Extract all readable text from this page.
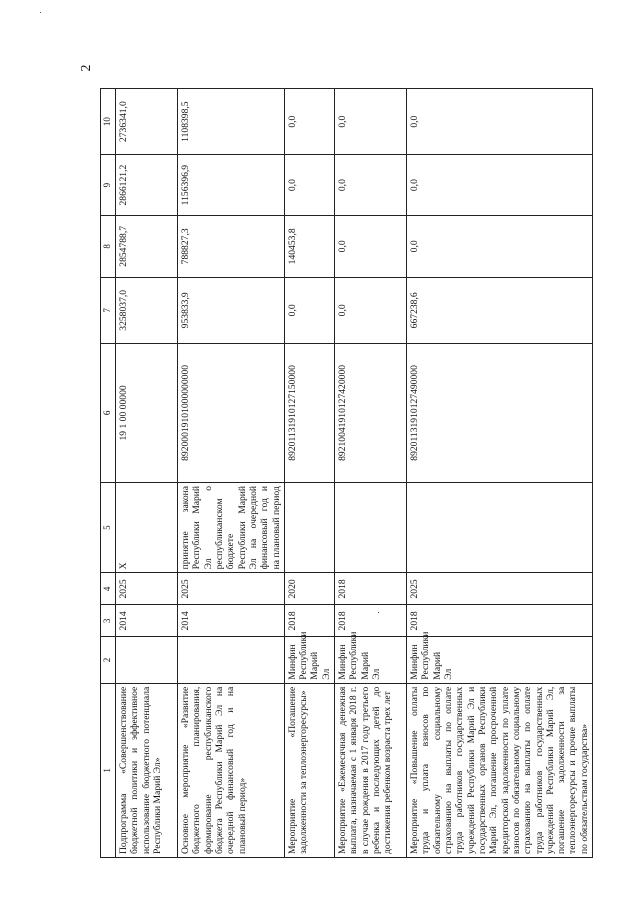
2
1	2	3	4	5	6	7	8	9	10
Подпрограмма «Совершенствование бюджетной политики и эффективное использование бюджетного потенциала Республики Марий Эл»		2014	2025	Х	19 1 00 00000	3258037,0	2854788,7	2866121,2	2736341,0
Основное мероприятие «Развитие бюджетного планирования, формирование республиканского бюджета Республики Марий Эл на очередной финансовый год и на плановый период»		2014	2025	принятие закона Республики Марий Эл о республиканском бюджете Республики Марий Эл на очередной финансовый год и на плановый период	89200019101000000000	953833,9	788827,3	1156396,9	1108398,5
Мероприятие «Погашение задолженности за теплоэнергоресурсы»	Минфин Республики Марий Эл	2018	2020		89201131910127150000	0,0	140453,8	0,0	0,0
Мероприятие «Ежемесячная денежная выплата, назначаемая с 1 января 2018 г. в случае рождения в 2017 году третьего ребенка и последующих детей до достижения ребенком возраста трех лет	Минфин Республики Марий Эл	2018	2018		89210041910127420000	0,0	0,0	0,0	0,0
Мероприятие «Повышение оплаты труда и уплата взносов по обязательному социальному страхованию на выплаты по оплате труда работников государственных учреждений Республики Марий Эл и государственных органов Республики Марий Эл, погашение просроченной кредиторской задолженности по уплате взносов по обязательному социальному страхованию на выплаты по оплате труда работников государственных учреждений Республики Марий Эл, погашение задолженности за теплоэнергоресурсы и прочие выплаты по обязательствам государства»	Минфин Республики Марий Эл	2018	2025		89201131910127490000	667238,6	0,0	0,0	0,0
